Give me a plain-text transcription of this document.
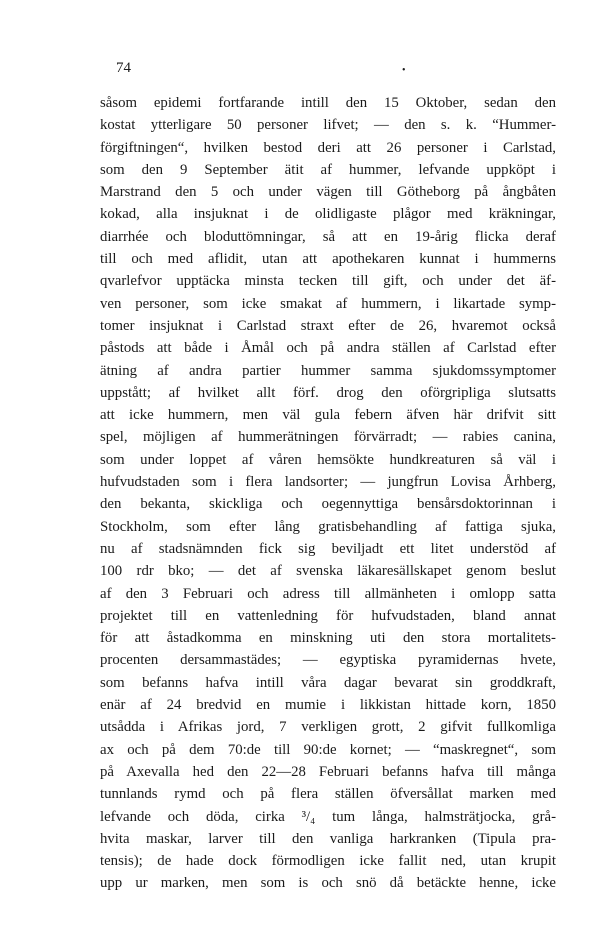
74	•
såsom epidemi fortfarande intill den 15 Oktober, sedan den
kostat ytterligare 50 personer lifvet; — den s. k. “Hummer-
förgiftningen“, hvilken bestod deri att 26 personer i Carlstad,
som den 9 September ätit af hummer, lefvande uppköpt i
Marstrand den 5 och under vägen till Götheborg på ångbåten
kokad, alla insjuknat i de olidligaste plågor med kräkningar,
diarrhée och bloduttömningar, så att en 19-årig flicka deraf
till och med aflidit, utan att apothekaren kunnat i hummerns
qvarlefvor upptäcka minsta tecken till gift, och under det äf-
ven personer, som icke smakat af hummern, i likartade symp-
tomer insjuknat i Carlstad straxt efter de 26, hvaremot också
påstods att både i Åmål och på andra ställen af Carlstad efter
ätning af andra partier hummer samma sjukdomssymptomer
uppstått; af hvilket allt förf. drog den oförgripliga slutsatts
att icke hummern, men väl gula febern äfven här drifvit sitt
spel, möjligen af hummerätningen förvärradt; — rabies canina,
som under loppet af våren hemsökte hundkreaturen så väl i
hufvudstaden som i flera landsorter; — jungfrun Lovisa Århberg,
den bekanta, skickliga och oegennyttiga bensårsdoktorinnan i
Stockholm, som efter lång gratisbehandling af fattiga sjuka,
nu af stadsnämnden fick sig beviljadt ett litet understöd af
100 rdr bko; — det af svenska läkaresällskapet genom beslut
af den 3 Februari och adress till allmänheten i omlopp satta
projektet till en vattenledning för hufvudstaden, bland annat
för att åstadkomma en minskning uti den stora mortalitets-
procenten dersammastädes; — egyptiska pyramidernas hvete,
som befanns hafva intill våra dagar bevarat sin groddkraft,
enär af 24 bredvid en mumie i likkistan hittade korn, 1850
utsådda i Afrikas jord, 7 verkligen grott, 2 gifvit fullkomliga
ax och på dem 70:de till 90:de kornet; — “maskregnet“, som
på Axevalla hed den 22—28 Februari befanns hafva till många
tunnlands rymd och på flera ställen öfversållat marken med
lefvande och döda, cirka ³/₄ tum långa, halmsträtjocka, grå-
hvita maskar, larver till den vanliga harkranken (Tipula pra-
tensis); de hade dock förmodligen icke fallit ned, utan krupit
upp ur marken, men som is och snö då betäckte henne, icke
